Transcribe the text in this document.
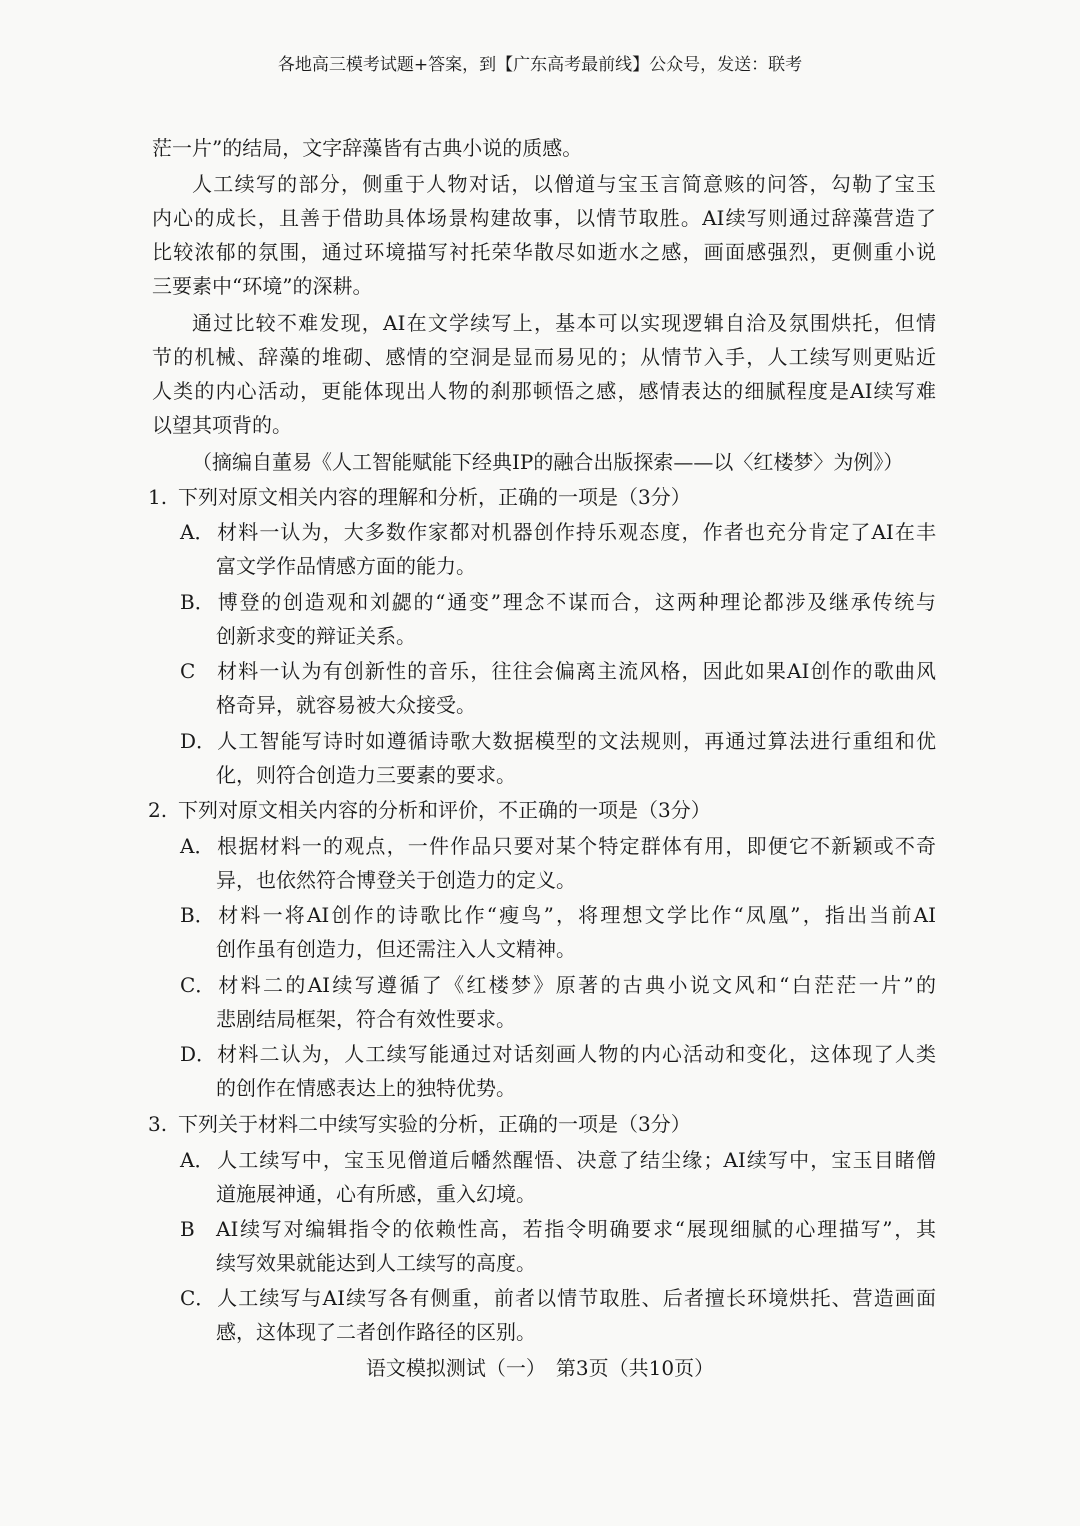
各地高三模考试题+答案，到【广东高考最前线】公众号，发送：联考
茫一片”的结局，文字辞藻皆有古典小说的质感。
人工续写的部分，侧重于人物对话，以僧道与宝玉言简意赅的问答，勾勒了宝玉
内心的成长，且善于借助具体场景构建故事，以情节取胜。AI续写则通过辞藻营造了
比较浓郁的氛围，通过环境描写衬托荣华散尽如逝水之感，画面感强烈，更侧重小说
三要素中“环境”的深耕。
通过比较不难发现，AI在文学续写上，基本可以实现逻辑自洽及氛围烘托，但情
节的机械、辞藻的堆砌、感情的空洞是显而易见的；从情节入手，人工续写则更贴近
人类的内心活动，更能体现出人物的刹那顿悟之感，感情表达的细腻程度是AI续写难
以望其项背的。
（摘编自董易《人工智能赋能下经典IP的融合出版探索——以〈红楼梦〉为例》）
1. 下列对原文相关内容的理解和分析，正确的一项是（3分）
A．材料一认为，大多数作家都对机器创作持乐观态度，作者也充分肯定了AI在丰
富文学作品情感方面的能力。
B．博登的创造观和刘勰的“通变”理念不谋而合，这两种理论都涉及继承传统与
创新求变的辩证关系。
C 材料一认为有创新性的音乐，往往会偏离主流风格，因此如果AI创作的歌曲风
格奇异，就容易被大众接受。
D．人工智能写诗时如遵循诗歌大数据模型的文法规则，再通过算法进行重组和优
化，则符合创造力三要素的要求。
2. 下列对原文相关内容的分析和评价，不正确的一项是（3分）
A．根据材料一的观点，一件作品只要对某个特定群体有用，即便它不新颖或不奇
异，也依然符合博登关于创造力的定义。
B．材料一将AI创作的诗歌比作“瘦鸟”，将理想文学比作“凤凰”，指出当前AI
创作虽有创造力，但还需注入人文精神。
C．材料二的AI续写遵循了《红楼梦》原著的古典小说文风和“白茫茫一片”的
悲剧结局框架，符合有效性要求。
D．材料二认为，人工续写能通过对话刻画人物的内心活动和变化，这体现了人类
的创作在情感表达上的独特优势。
3. 下列关于材料二中续写实验的分析，正确的一项是（3分）
A．人工续写中，宝玉见僧道后幡然醒悟、决意了结尘缘；AI续写中，宝玉目睹僧
道施展神通，心有所感，重入幻境。
B AI续写对编辑指令的依赖性高，若指令明确要求“展现细腻的心理描写”，其
续写效果就能达到人工续写的高度。
C．人工续写与AI续写各有侧重，前者以情节取胜、后者擅长环境烘托、营造画面
感，这体现了二者创作路径的区别。
语文模拟测试（一）　第3页（共10页）
